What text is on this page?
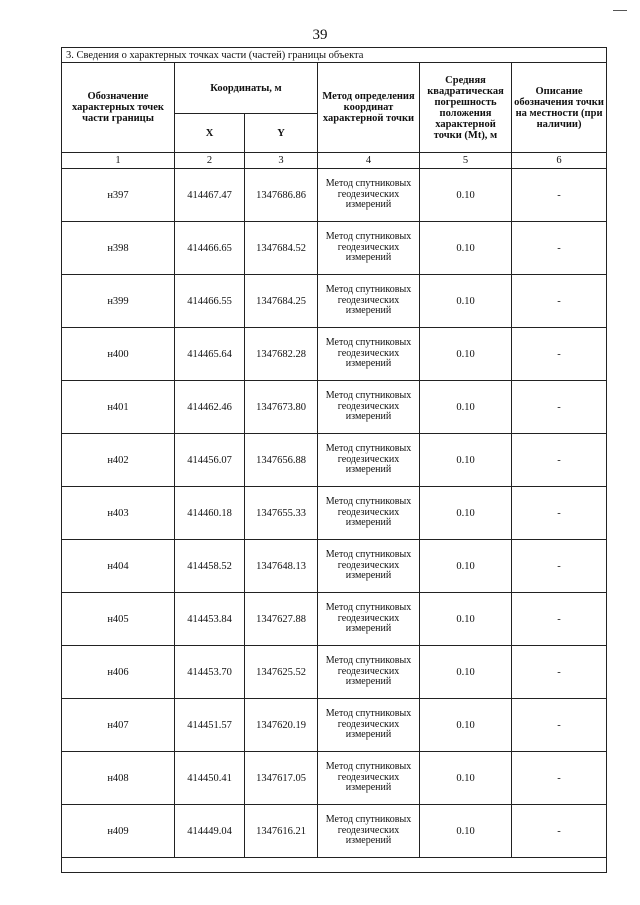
39
3. Сведения о характерных точках части (частей) границы объекта					
Обозначение характерных точек части границы	Координаты, м		Метод определения координат характерной точки	Средняя квадратическая погрешность положения характерной точки (Mt), м	Описание обозначения точки на местности (при наличии)
	X	Y			
1	2	3	4	5	6
н397	414467.47	1347686.86	Метод спутниковых геодезических измерений	0.10	-
н398	414466.65	1347684.52	Метод спутниковых геодезических измерений	0.10	-
н399	414466.55	1347684.25	Метод спутниковых геодезических измерений	0.10	-
н400	414465.64	1347682.28	Метод спутниковых геодезических измерений	0.10	-
н401	414462.46	1347673.80	Метод спутниковых геодезических измерений	0.10	-
н402	414456.07	1347656.88	Метод спутниковых геодезических измерений	0.10	-
н403	414460.18	1347655.33	Метод спутниковых геодезических измерений	0.10	-
н404	414458.52	1347648.13	Метод спутниковых геодезических измерений	0.10	-
н405	414453.84	1347627.88	Метод спутниковых геодезических измерений	0.10	-
н406	414453.70	1347625.52	Метод спутниковых геодезических измерений	0.10	-
н407	414451.57	1347620.19	Метод спутниковых геодезических измерений	0.10	-
н408	414450.41	1347617.05	Метод спутниковых геодезических измерений	0.10	-
н409	414449.04	1347616.21	Метод спутниковых геодезических измерений	0.10	-
